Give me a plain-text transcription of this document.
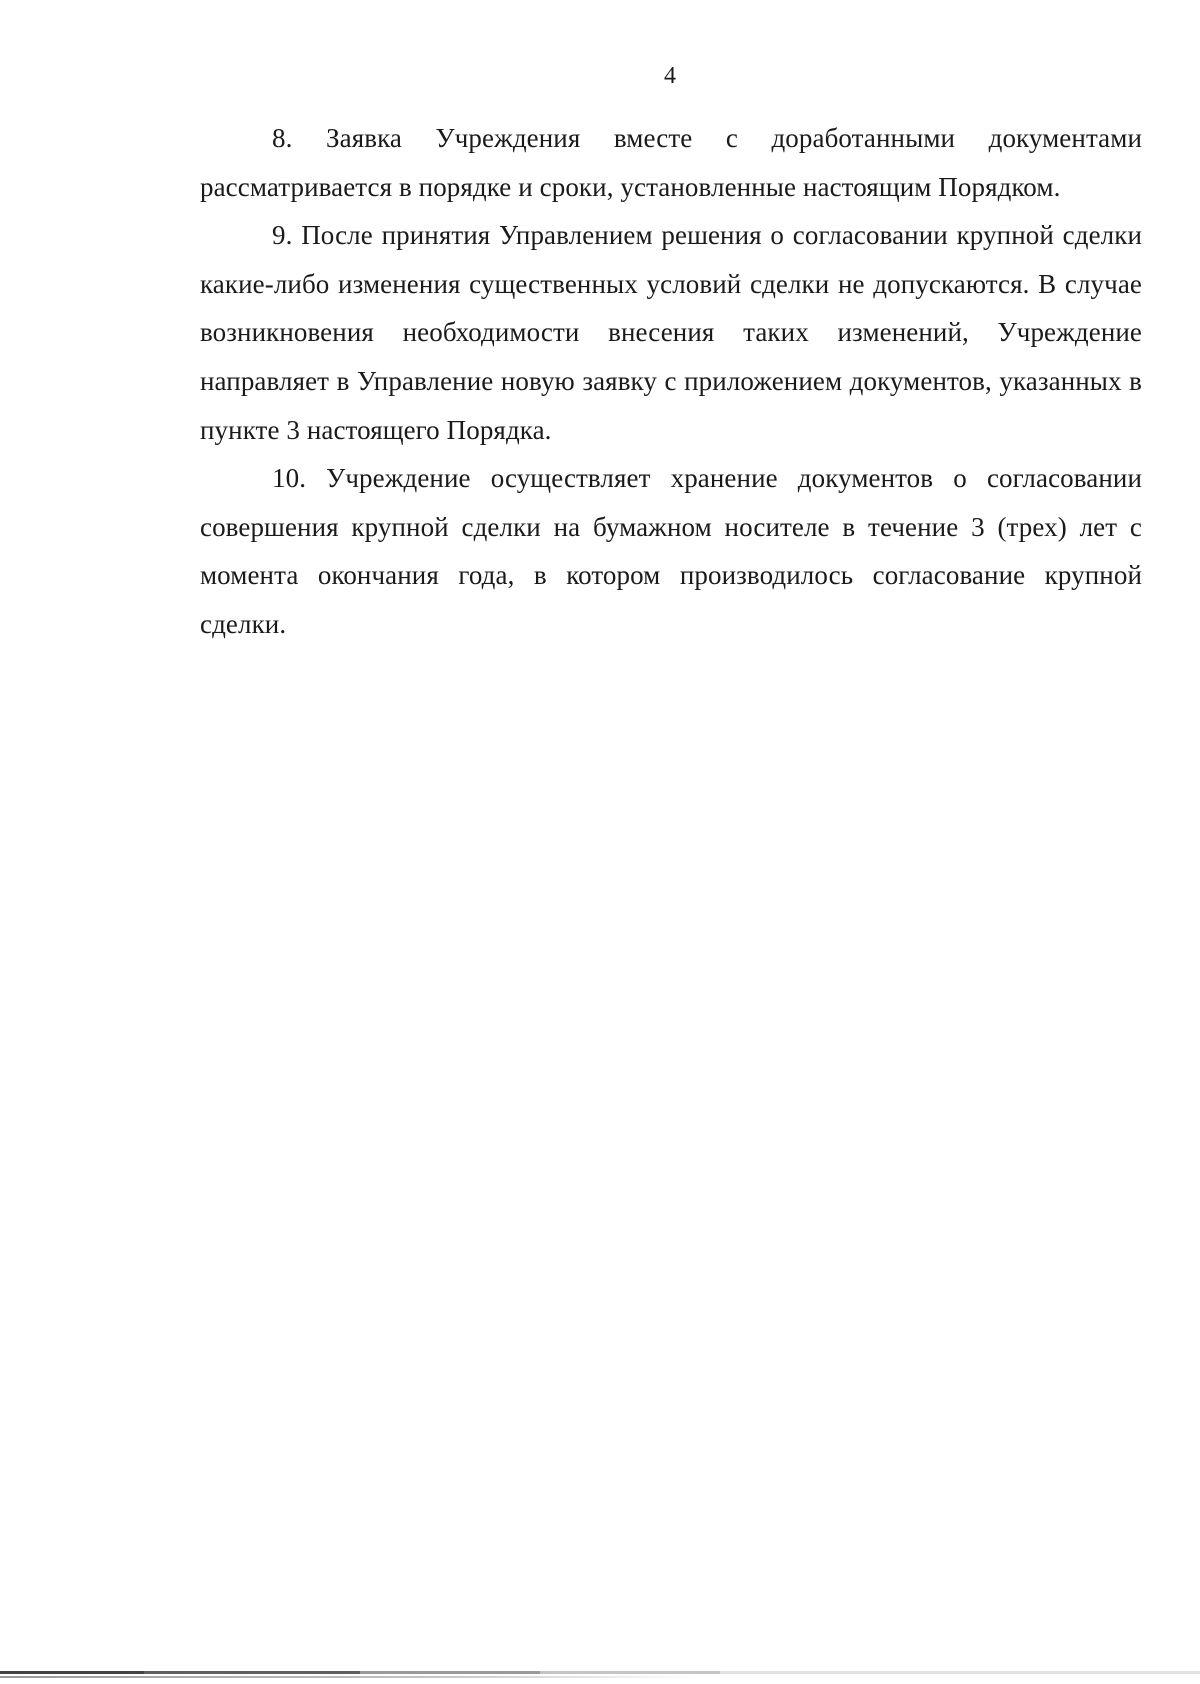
4

8. Заявка Учреждения вместе с доработанными документами рассматривается в порядке и сроки, установленные настоящим Порядком.

9. После принятия Управлением решения о согласовании крупной сделки какие-либо изменения существенных условий сделки не допускаются. В случае возникновения необходимости внесения таких изменений, Учреждение направляет в Управление новую заявку с приложением документов, указанных в пункте 3 настоящего Порядка.

10. Учреждение осуществляет хранение документов о согласовании совершения крупной сделки на бумажном носителе в течение 3 (трех) лет с момента окончания года, в котором производилось согласование крупной сделки.
